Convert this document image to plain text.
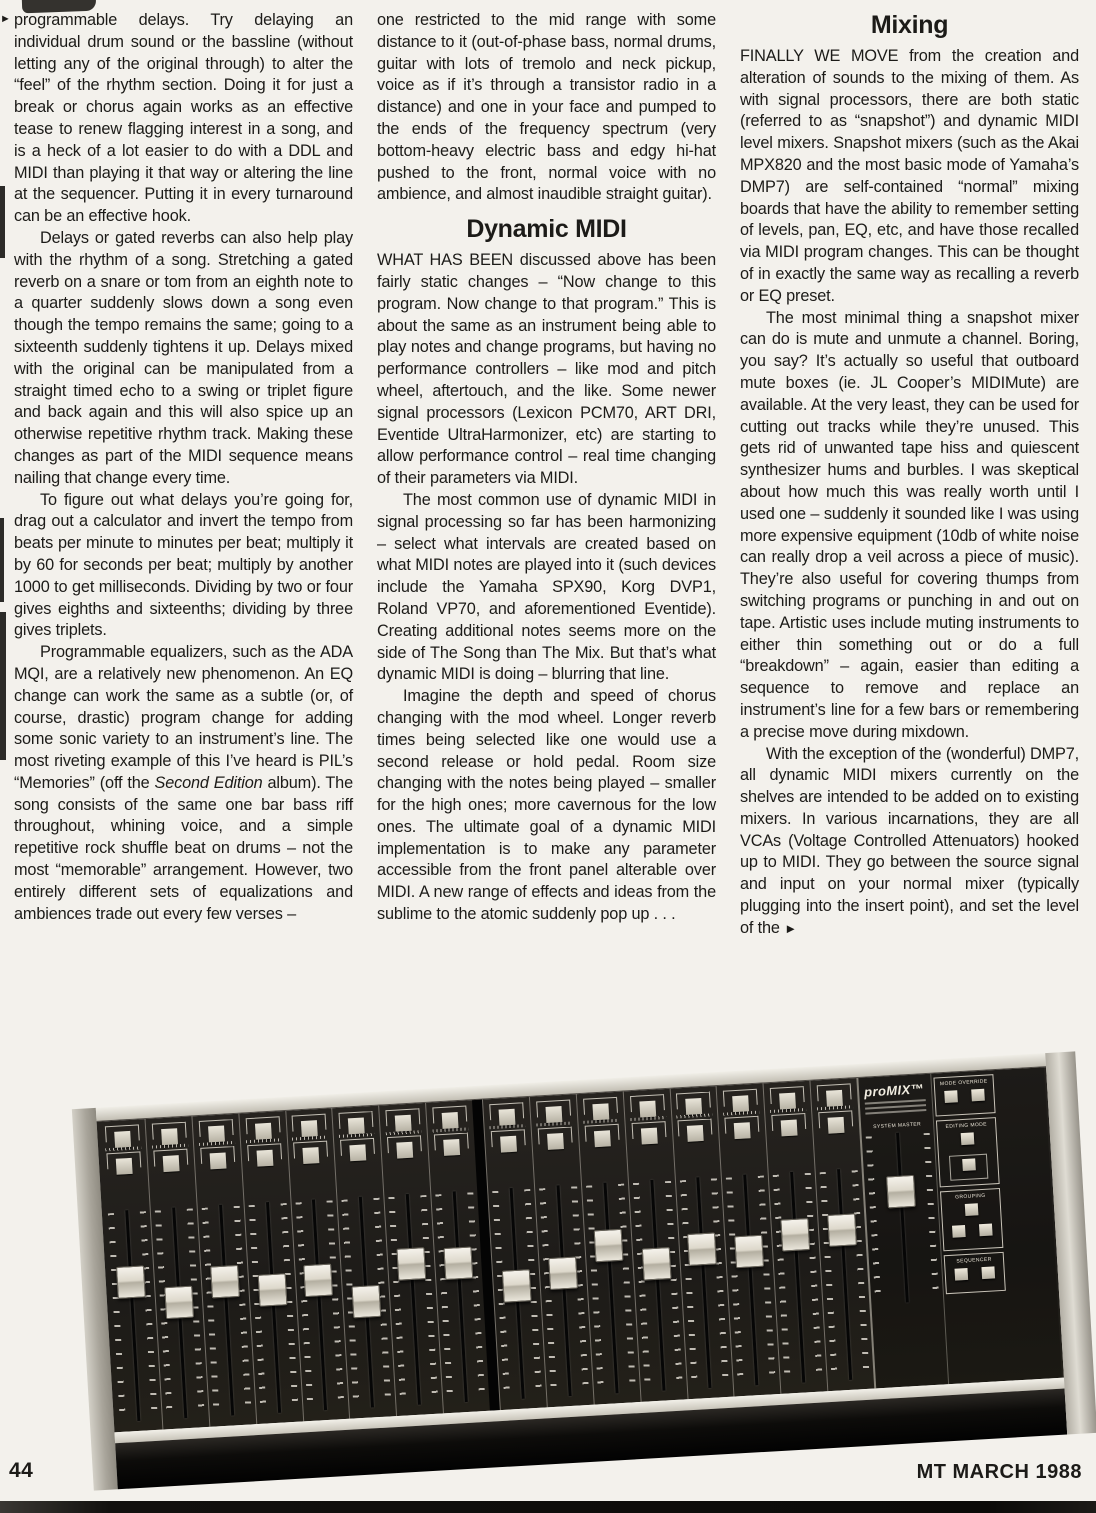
► programmable delays. Try delaying an individual drum sound or the bassline (without letting any of the original through) to alter the “feel” of the rhythm section. Doing it for just a break or chorus again works as an effective tease to renew flagging interest in a song, and is a heck of a lot easier to do with a DDL and MIDI than playing it that way or altering the line at the sequencer. Putting it in every turnaround can be an effective hook.

Delays or gated reverbs can also help play with the rhythm of a song. Stretching a gated reverb on a snare or tom from an eighth note to a quarter suddenly slows down a song even though the tempo remains the same; going to a sixteenth suddenly tightens it up. Delays mixed with the original can be manipulated from a straight timed echo to a swing or triplet figure and back again and this will also spice up an otherwise repetitive rhythm track. Making these changes as part of the MIDI sequence means nailing that change every time.

To figure out what delays you’re going for, drag out a calculator and invert the tempo from beats per minute to minutes per beat; multiply it by 60 for seconds per beat; multiply by another 1000 to get milliseconds. Dividing by two or four gives eighths and sixteenths; dividing by three gives triplets.

Programmable equalizers, such as the ADA MQI, are a relatively new phenomenon. An EQ change can work the same as a subtle (or, of course, drastic) program change for adding some sonic variety to an instrument’s line. The most riveting example of this I’ve heard is PIL’s “Memories” (off the Second Edition album). The song consists of the same one bar bass riff throughout, whining voice, and a simple repetitive rock shuffle beat on drums – not the most “memorable” arrangement. However, two entirely different sets of equalizations and ambiences trade out every few verses –

one restricted to the mid range with some distance to it (out-of-phase bass, normal drums, guitar with lots of tremolo and neck pickup, voice as if it’s through a transistor radio in a distance) and one in your face and pumped to the ends of the frequency spectrum (very bottom-heavy electric bass and edgy hi-hat pushed to the front, normal voice with no ambience, and almost inaudible straight guitar).

Dynamic MIDI

WHAT HAS BEEN discussed above has been fairly static changes – “Now change to this program. Now change to that program.” This is about the same as an instrument being able to play notes and change programs, but having no performance controllers – like mod and pitch wheel, aftertouch, and the like. Some newer signal processors (Lexicon PCM70, ART DRI, Eventide UltraHarmonizer, etc) are starting to allow performance control – real time changing of their parameters via MIDI.

The most common use of dynamic MIDI in signal processing so far has been harmonizing – select what intervals are created based on what MIDI notes are played into it (such devices include the Yamaha SPX90, Korg DVP1, Roland VP70, and aforementioned Eventide). Creating additional notes seems more on the side of The Song than The Mix. But that’s what dynamic MIDI is doing – blurring that line.

Imagine the depth and speed of chorus changing with the mod wheel. Longer reverb times being selected like one would use a second release or hold pedal. Room size changing with the notes being played – smaller for the high ones; more cavernous for the low ones. The ultimate goal of a dynamic MIDI implementation is to make any parameter accessible from the front panel alterable over MIDI. A new range of effects and ideas from the sublime to the atomic suddenly pop up . . .

Mixing

FINALLY WE MOVE from the creation and alteration of sounds to the mixing of them. As with signal processors, there are both static (referred to as “snapshot”) and dynamic MIDI level mixers. Snapshot mixers (such as the Akai MPX820 and the most basic mode of Yamaha’s DMP7) are self-contained “normal” mixing boards that have the ability to remember setting of levels, pan, EQ, etc, and have those recalled via MIDI program changes. This can be thought of in exactly the same way as recalling a reverb or EQ preset.

The most minimal thing a snapshot mixer can do is mute and unmute a channel. Boring, you say? It’s actually so useful that outboard mute boxes (ie. JL Cooper’s MIDIMute) are available. At the very least, they can be used for cutting out tracks while they’re unused. This gets rid of unwanted tape hiss and quiescent synthesizer hums and burbles. I was skeptical about how much this was really worth until I used one – suddenly it sounded like I was using more expensive equipment (10db of white noise can really drop a veil across a piece of music). They’re also useful for covering thumps from switching programs or punching in and out on tape. Artistic uses include muting instruments to either thin something out or do a full “breakdown” – again, easier than editing a sequence to remove and replace an instrument’s line for a few bars or remembering a precise move during mixdown.

With the exception of the (wonderful) DMP7, all dynamic MIDI mixers currently on the shelves are intended to be added on to existing mixers. In various incarnations, they are all VCAs (Voltage Controlled Attenuators) hooked up to MIDI. They go between the source signal and input on your normal mixer (typically plugging into the insert point), and set the level of the ►

proMIX™
SYSTEM MASTER
MODE OVERRIDE
EDITING MODE
GROUPING
SEQUENCER
44	MT MARCH 1988
